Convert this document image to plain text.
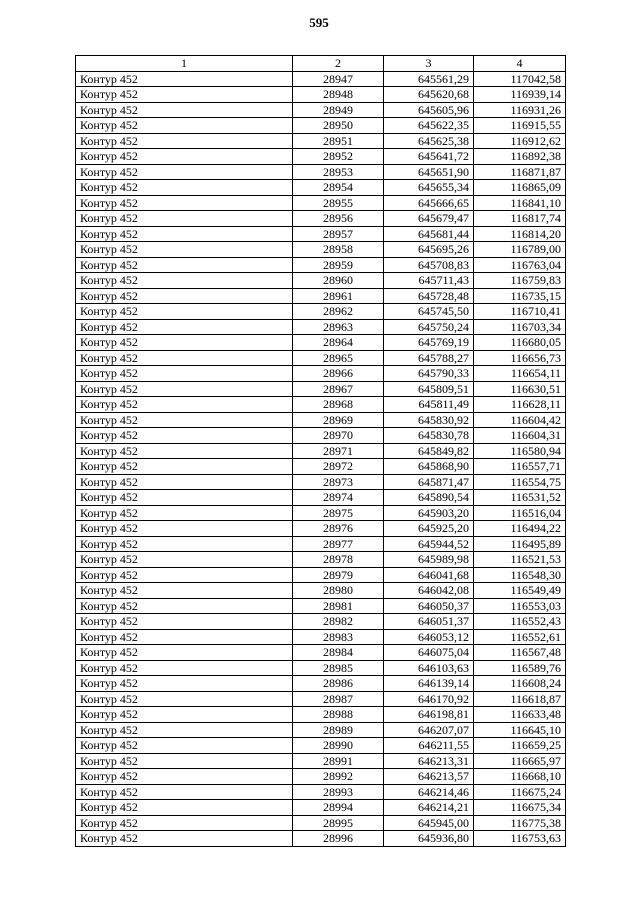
595
1	2	3	4
Контур 452	28947	645561,29	117042,58
Контур 452	28948	645620,68	116939,14
Контур 452	28949	645605,96	116931,26
Контур 452	28950	645622,35	116915,55
Контур 452	28951	645625,38	116912,62
Контур 452	28952	645641,72	116892,38
Контур 452	28953	645651,90	116871,87
Контур 452	28954	645655,34	116865,09
Контур 452	28955	645666,65	116841,10
Контур 452	28956	645679,47	116817,74
Контур 452	28957	645681,44	116814,20
Контур 452	28958	645695,26	116789,00
Контур 452	28959	645708,83	116763,04
Контур 452	28960	645711,43	116759,83
Контур 452	28961	645728,48	116735,15
Контур 452	28962	645745,50	116710,41
Контур 452	28963	645750,24	116703,34
Контур 452	28964	645769,19	116680,05
Контур 452	28965	645788,27	116656,73
Контур 452	28966	645790,33	116654,11
Контур 452	28967	645809,51	116630,51
Контур 452	28968	645811,49	116628,11
Контур 452	28969	645830,92	116604,42
Контур 452	28970	645830,78	116604,31
Контур 452	28971	645849,82	116580,94
Контур 452	28972	645868,90	116557,71
Контур 452	28973	645871,47	116554,75
Контур 452	28974	645890,54	116531,52
Контур 452	28975	645903,20	116516,04
Контур 452	28976	645925,20	116494,22
Контур 452	28977	645944,52	116495,89
Контур 452	28978	645989,98	116521,53
Контур 452	28979	646041,68	116548,30
Контур 452	28980	646042,08	116549,49
Контур 452	28981	646050,37	116553,03
Контур 452	28982	646051,37	116552,43
Контур 452	28983	646053,12	116552,61
Контур 452	28984	646075,04	116567,48
Контур 452	28985	646103,63	116589,76
Контур 452	28986	646139,14	116608,24
Контур 452	28987	646170,92	116618,87
Контур 452	28988	646198,81	116633,48
Контур 452	28989	646207,07	116645,10
Контур 452	28990	646211,55	116659,25
Контур 452	28991	646213,31	116665,97
Контур 452	28992	646213,57	116668,10
Контур 452	28993	646214,46	116675,24
Контур 452	28994	646214,21	116675,34
Контур 452	28995	645945,00	116775,38
Контур 452	28996	645936,80	116753,63
